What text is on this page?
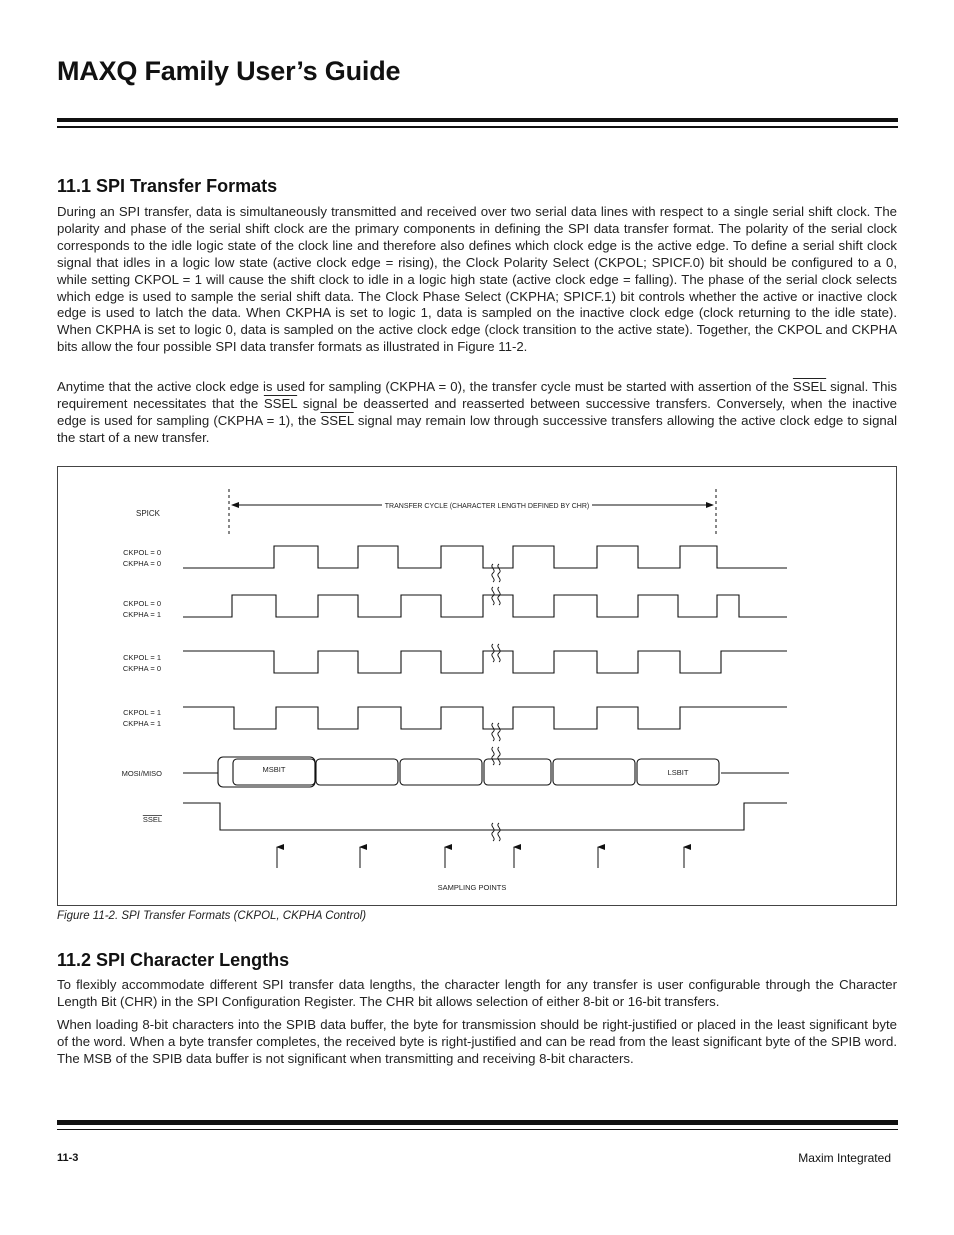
MAXQ Family User’s Guide
11.1 SPI Transfer Formats

During an SPI transfer, data is simultaneously transmitted and received over two serial data lines with respect to a single serial shift clock. The polarity and phase of the serial shift clock are the primary components in defining the SPI data transfer format. The polarity of the serial clock corresponds to the idle logic state of the clock line and therefore also defines which clock edge is the active edge. To define a serial shift clock signal that idles in a logic low state (active clock edge = rising), the Clock Polarity Select (CKPOL; SPICF.0) bit should be configured to a 0, while setting CKPOL = 1 will cause the shift clock to idle in a logic high state (active clock edge = falling). The phase of the serial clock selects which edge is used to sample the serial shift data. The Clock Phase Select (CKPHA; SPICF.1) bit controls whether the active or inactive clock edge is used to latch the data. When CKPHA is set to logic 1, data is sampled on the inactive clock edge (clock returning to the idle state). When CKPHA is set to logic 0, data is sampled on the active clock edge (clock transition to the active state). Together, the CKPOL and CKPHA bits allow the four possible SPI data transfer formats as illustrated in Figure 11-2.

Anytime that the active clock edge is used for sampling (CKPHA = 0), the transfer cycle must be started with assertion of the SSEL signal. This requirement necessitates that the SSEL signal be deasserted and reasserted between successive transfers. Conversely, when the inactive edge is used for sampling (CKPHA = 1), the SSEL signal may remain low through successive transfers allowing the active clock edge to signal the start of a new transfer.

TRANSFER CYCLE (CHARACTER LENGTH DEFINED BY CHR)
SPICK
CKPOL = 0
CKPHA = 0
CKPOL = 0
CKPHA = 1
CKPOL = 1
CKPHA = 0
CKPOL = 1
CKPHA = 1
MOSI/MISO	MSBIT	LSBIT
SSEL
SAMPLING POINTS
Figure 11-2. SPI Transfer Formats (CKPOL, CKPHA Control)
11.2 SPI Character Lengths

To flexibly accommodate different SPI transfer data lengths, the character length for any transfer is user configurable through the Character Length Bit (CHR) in the SPI Configuration Register. The CHR bit allows selection of either 8-bit or 16-bit transfers.

When loading 8-bit characters into the SPIB data buffer, the byte for transmission should be right-justified or placed in the least significant byte of the word. When a byte transfer completes, the received byte is right-justified and can be read from the least significant byte of the SPIB word. The MSB of the SPIB data buffer is not significant when transmitting and receiving 8-bit characters.

11-3	Maxim Integrated
